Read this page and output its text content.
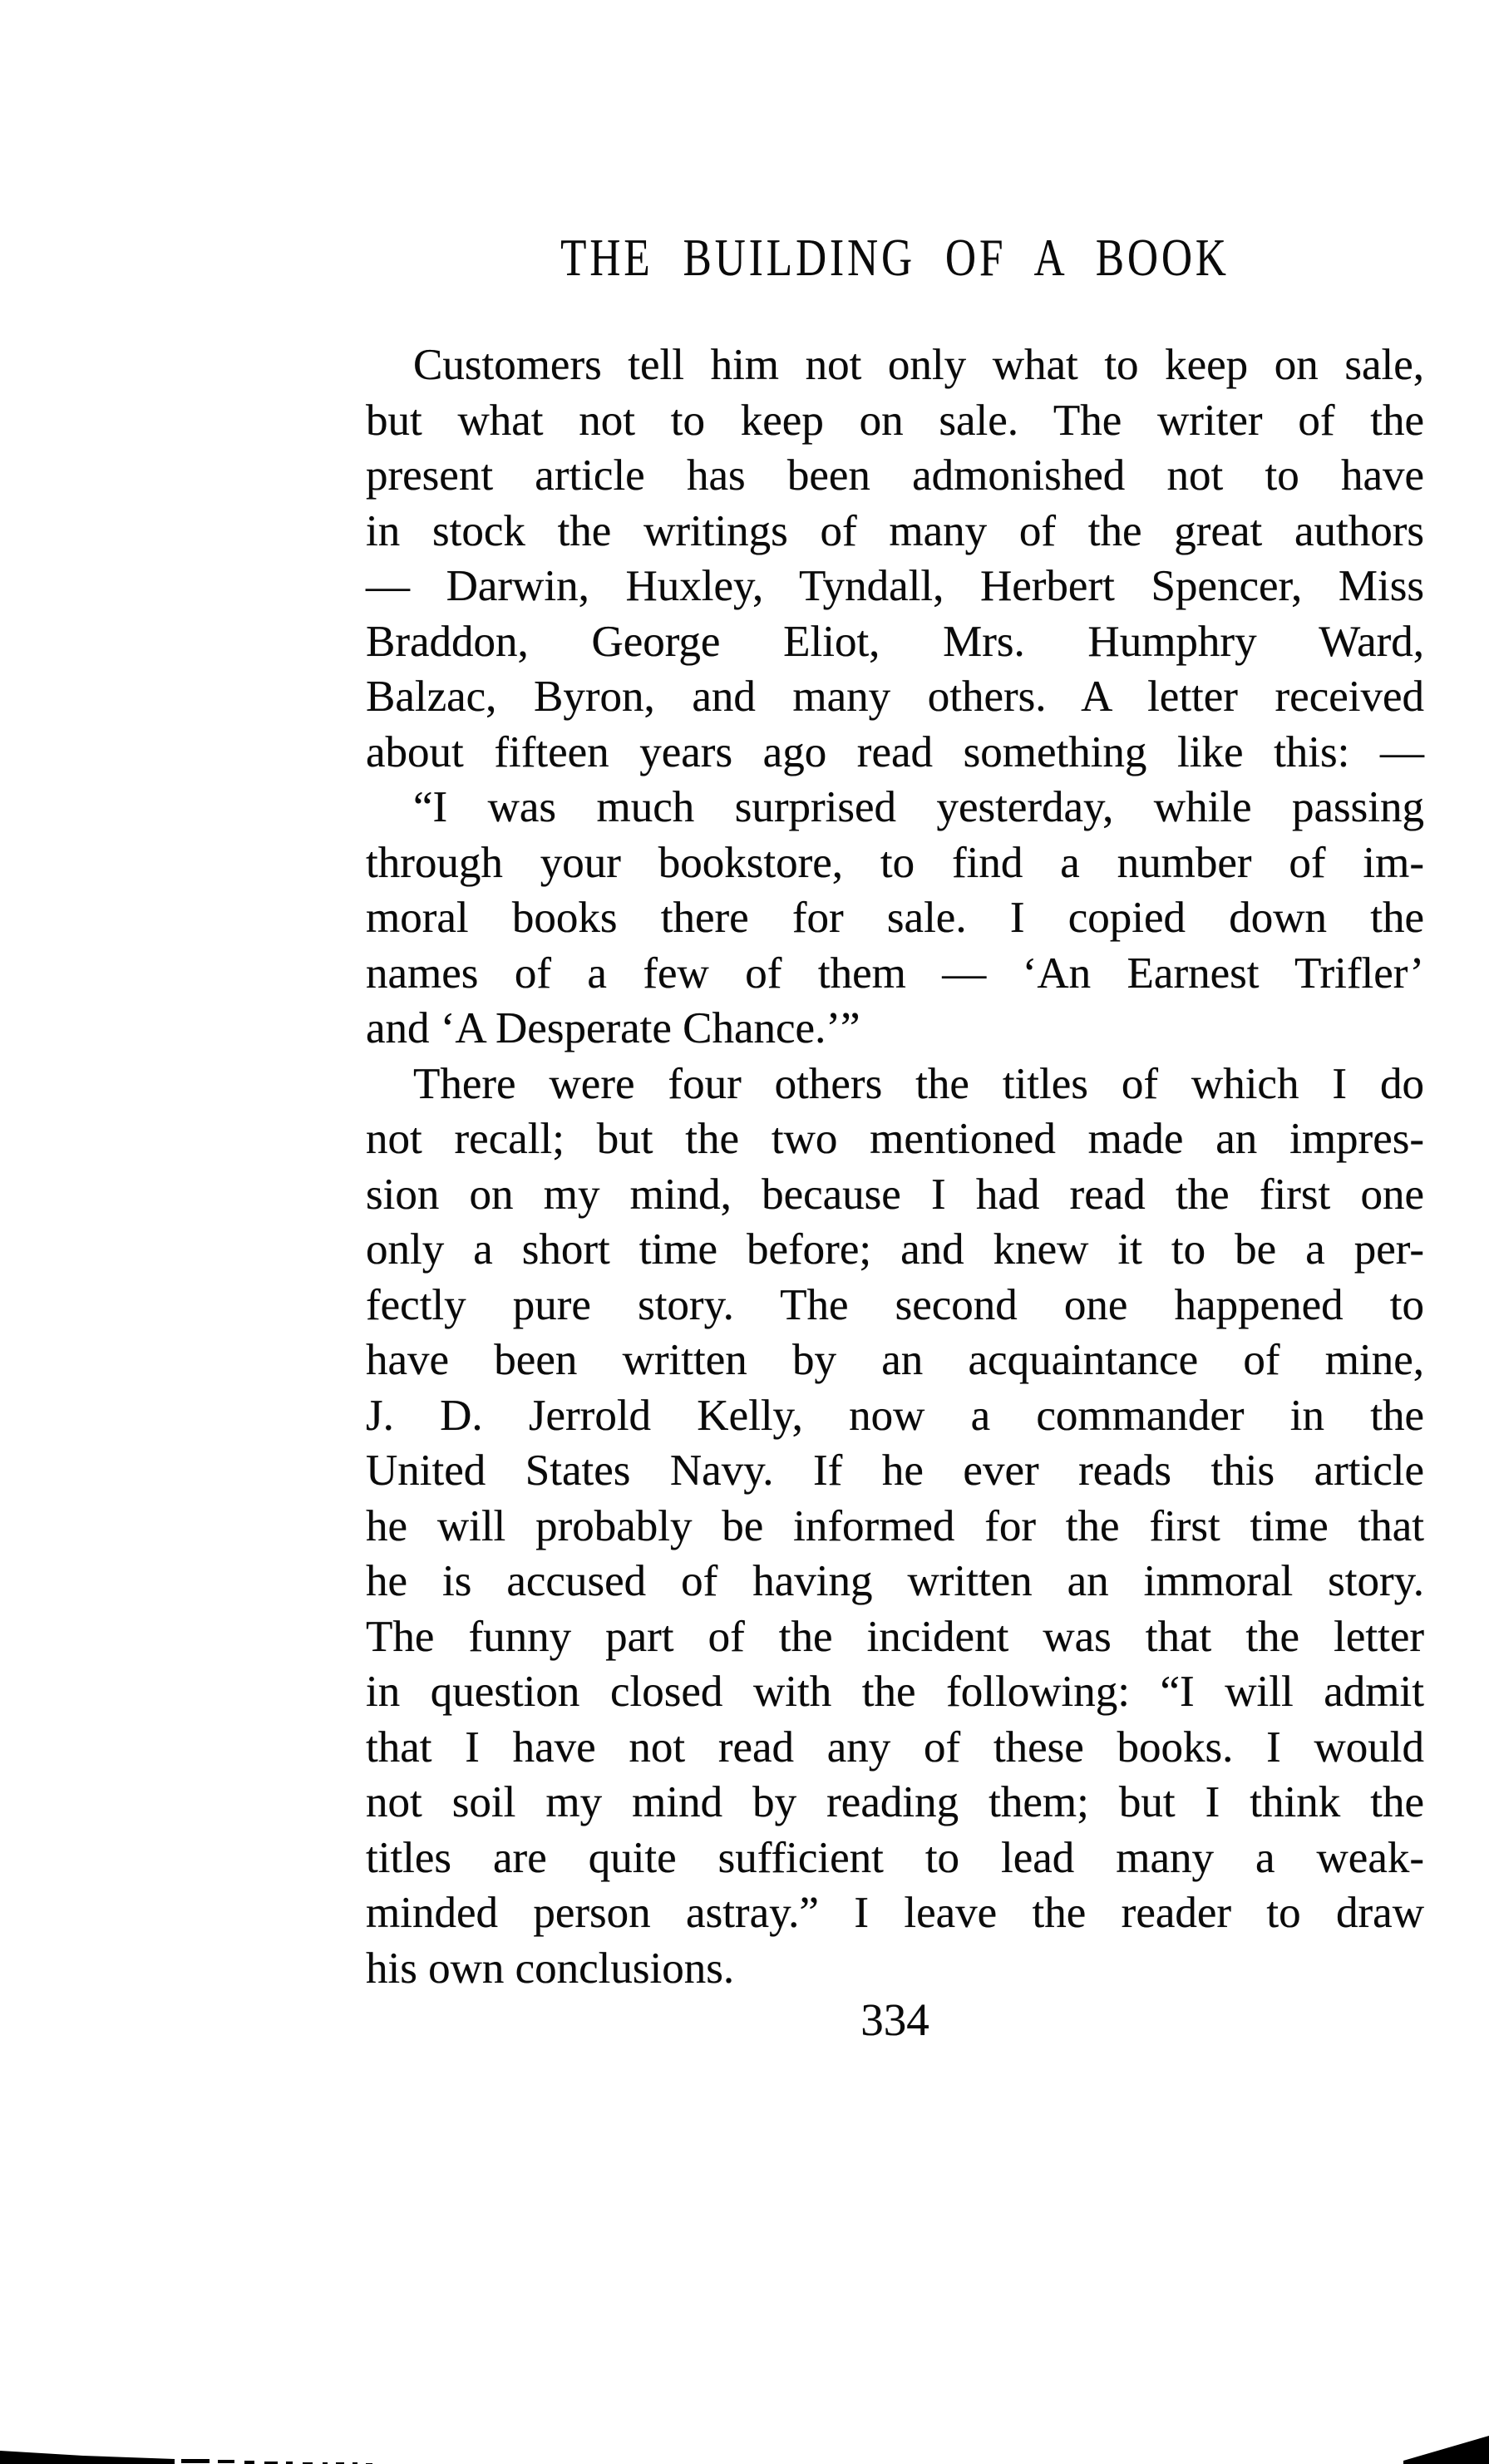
THE BUILDING OF A BOOK
Customers tell him not only what to keep on sale,
but what not to keep on sale. The writer of the
present article has been admonished not to have
in stock the writings of many of the great authors
— Darwin, Huxley, Tyndall, Herbert Spencer, Miss
Braddon, George Eliot, Mrs. Humphry Ward,
Balzac, Byron, and many others. A letter received
about fifteen years ago read something like this: —
“I was much surprised yesterday, while passing
through your bookstore, to find a number of im-
moral books there for sale. I copied down the
names of a few of them — ‘An Earnest Trifler’
and ‘A Desperate Chance.’”
There were four others the titles of which I do
not recall; but the two mentioned made an impres-
sion on my mind, because I had read the first one
only a short time before; and knew it to be a per-
fectly pure story. The second one happened to
have been written by an acquaintance of mine,
J. D. Jerrold Kelly, now a commander in the
United States Navy. If he ever reads this article
he will probably be informed for the first time that
he is accused of having written an immoral story.
The funny part of the incident was that the letter
in question closed with the following: “I will admit
that I have not read any of these books. I would
not soil my mind by reading them; but I think the
titles are quite sufficient to lead many a weak-
minded person astray.” I leave the reader to draw
his own conclusions.
334
